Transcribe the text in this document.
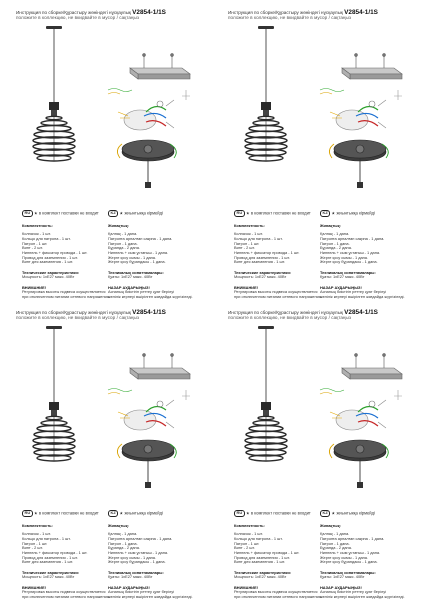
Инструкция по сборке/Құрастыру жөніндегі нұсқаулық V2854-1/1S
положите в коллекцию, не вкидвайте в мусор / сақтаңыз
RU ★ в комплект поставки не входит	KZ ★ жиынтыкқа кірмейді
Комплектность:
Колпачок - 1 шт.
Кольцо для патрона - 1 шт.
Патрон - 1 шт.
Винт - 2 шт.
Ниппель + фиксатор провода - 1 шт.
Провод для заземления - 1 шт.
Винт для заземления - 1 шт.
Технические характеристики:
Мощность: 1xE27 макс. 40Вт
ВНИМАНИЕ!
Регулировка высоты подвеса осуществляется
при отключенном питании сетевого напряжения.
Жинақтық:
Қалпақ - 1 дана.
Патронға арналған сақина - 1 дана.
Патрон - 1 дана.
Бұранда - 2 дана.
Ниппель + сым ұстағыш - 1 дана.
Жерге қосу сымы - 1 дана.
Жерге қосу бұрандасы - 1 дана.
Техникалық сипаттамалары:
Қуаты: 1xE27 макс. 40Вт
НАЗАР АУДАРЫҢЫЗ!
Аспаның биіктігін реттеу қуат берілуі
желілік кернеуі өшірілген жағдайда жүргізіледі.
Инструкция по сборке/Құрастыру жөніндегі нұсқаулық V2854-1/1S
положите в коллекцию, не вкидвайте в мусор / сақтаңыз
RU ★ в комплект поставки не входит	KZ ★ жиынтыкқа кірмейді
Комплектность:
Колпачок - 1 шт.
Кольцо для патрона - 1 шт.
Патрон - 1 шт.
Винт - 2 шт.
Ниппель + фиксатор провода - 1 шт.
Провод для заземления - 1 шт.
Винт для заземления - 1 шт.
Технические характеристики:
Мощность: 1xE27 макс. 40Вт
ВНИМАНИЕ!
Регулировка высоты подвеса осуществляется
при отключенном питании сетевого напряжения.
Жинақтық:
Қалпақ - 1 дана.
Патронға арналған сақина - 1 дана.
Патрон - 1 дана.
Бұранда - 2 дана.
Ниппель + сым ұстағыш - 1 дана.
Жерге қосу сымы - 1 дана.
Жерге қосу бұрандасы - 1 дана.
Техникалық сипаттамалары:
Қуаты: 1xE27 макс. 40Вт
НАЗАР АУДАРЫҢЫЗ!
Аспаның биіктігін реттеу қуат берілуі
желілік кернеуі өшірілген жағдайда жүргізіледі.
Инструкция по сборке/Құрастыру жөніндегі нұсқаулық V2854-1/1S
положите в коллекцию, не вкидвайте в мусор / сақтаңыз
RU ★ в комплект поставки не входит	KZ ★ жиынтыкқа кірмейді
Комплектность:
Колпачок - 1 шт.
Кольцо для патрона - 1 шт.
Патрон - 1 шт.
Винт - 2 шт.
Ниппель + фиксатор провода - 1 шт.
Провод для заземления - 1 шт.
Винт для заземления - 1 шт.
Технические характеристики:
Мощность: 1xE27 макс. 40Вт
ВНИМАНИЕ!
Регулировка высоты подвеса осуществляется
при отключенном питании сетевого напряжения.
Жинақтық:
Қалпақ - 1 дана.
Патронға арналған сақина - 1 дана.
Патрон - 1 дана.
Бұранда - 2 дана.
Ниппель + сым ұстағыш - 1 дана.
Жерге қосу сымы - 1 дана.
Жерге қосу бұрандасы - 1 дана.
Техникалық сипаттамалары:
Қуаты: 1xE27 макс. 40Вт
НАЗАР АУДАРЫҢЫЗ!
Аспаның биіктігін реттеу қуат берілуі
желілік кернеуі өшірілген жағдайда жүргізіледі.
Инструкция по сборке/Құрастыру жөніндегі нұсқаулық V2854-1/1S
положите в коллекцию, не вкидвайте в мусор / сақтаңыз
RU ★ в комплект поставки не входит	KZ ★ жиынтыкқа кірмейді
Комплектность:
Колпачок - 1 шт.
Кольцо для патрона - 1 шт.
Патрон - 1 шт.
Винт - 2 шт.
Ниппель + фиксатор провода - 1 шт.
Провод для заземления - 1 шт.
Винт для заземления - 1 шт.
Технические характеристики:
Мощность: 1xE27 макс. 40Вт
ВНИМАНИЕ!
Регулировка высоты подвеса осуществляется
при отключенном питании сетевого напряжения.
Жинақтық:
Қалпақ - 1 дана.
Патронға арналған сақина - 1 дана.
Патрон - 1 дана.
Бұранда - 2 дана.
Ниппель + сым ұстағыш - 1 дана.
Жерге қосу сымы - 1 дана.
Жерге қосу бұрандасы - 1 дана.
Техникалық сипаттамалары:
Қуаты: 1xE27 макс. 40Вт
НАЗАР АУДАРЫҢЫЗ!
Аспаның биіктігін реттеу қуат берілуі
желілік кернеуі өшірілген жағдайда жүргізіледі.
